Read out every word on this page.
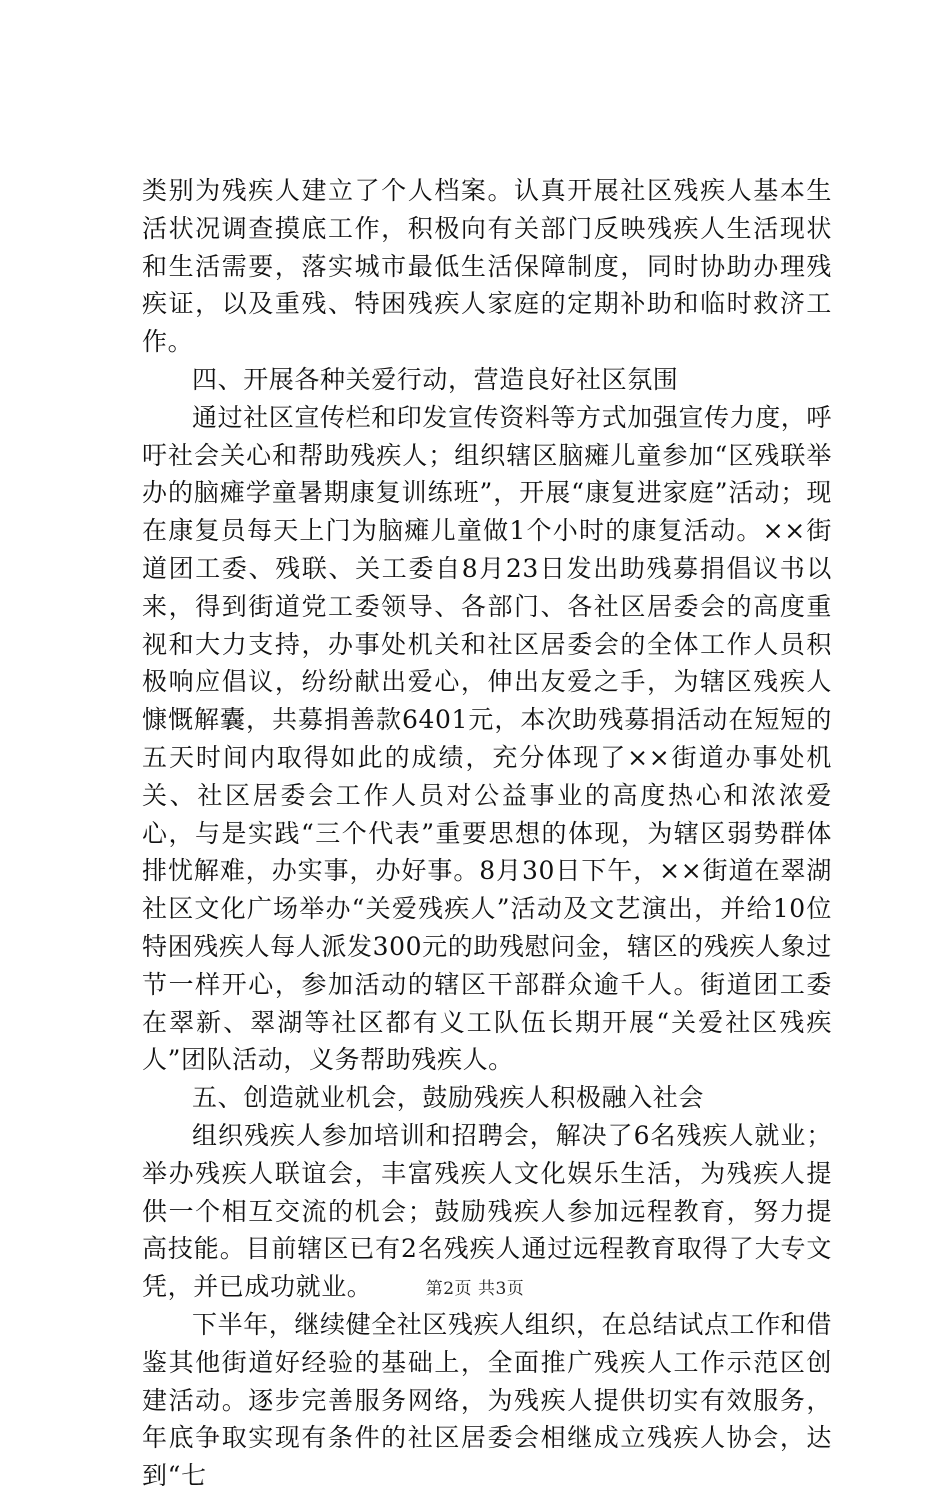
类别为残疾人建立了个人档案。认真开展社区残疾人基本生活状况调查摸底工作，积极向有关部门反映残疾人生活现状和生活需要，落实城市最低生活保障制度，同时协助办理残疾证，以及重残、特困残疾人家庭的定期补助和临时救济工作。

四、开展各种关爱行动，营造良好社区氛围

通过社区宣传栏和印发宣传资料等方式加强宣传力度，呼吁社会关心和帮助残疾人；组织辖区脑瘫儿童参加“区残联举办的脑瘫学童暑期康复训练班”，开展“康复进家庭”活动；现在康复员每天上门为脑瘫儿童做1个小时的康复活动。××街道团工委、残联、关工委自8月23日发出助残募捐倡议书以来，得到街道党工委领导、各部门、各社区居委会的高度重视和大力支持，办事处机关和社区居委会的全体工作人员积极响应倡议，纷纷献出爱心，伸出友爱之手，为辖区残疾人慷慨解囊，共募捐善款6401元，本次助残募捐活动在短短的五天时间内取得如此的成绩，充分体现了××街道办事处机关、社区居委会工作人员对公益事业的高度热心和浓浓爱心，与是实践“三个代表”重要思想的体现，为辖区弱势群体排忧解难，办实事，办好事。8月30日下午，××街道在翠湖社区文化广场举办“关爱残疾人”活动及文艺演出，并给10位特困残疾人每人派发300元的助残慰问金，辖区的残疾人象过节一样开心，参加活动的辖区干部群众逾千人。街道团工委在翠新、翠湖等社区都有义工队伍长期开展“关爱社区残疾人”团队活动，义务帮助残疾人。

五、创造就业机会，鼓励残疾人积极融入社会

组织残疾人参加培训和招聘会，解决了6名残疾人就业；举办残疾人联谊会，丰富残疾人文化娱乐生活，为残疾人提供一个相互交流的机会；鼓励残疾人参加远程教育，努力提高技能。目前辖区已有2名残疾人通过远程教育取得了大专文凭，并已成功就业。

下半年，继续健全社区残疾人组织，在总结试点工作和借鉴其他街道好经验的基础上，全面推广残疾人工作示范区创建活动。逐步完善服务网络，为残疾人提供切实有效服务，年底争取实现有条件的社区居委会相继成立残疾人协会，达到“七

第2页 共3页
